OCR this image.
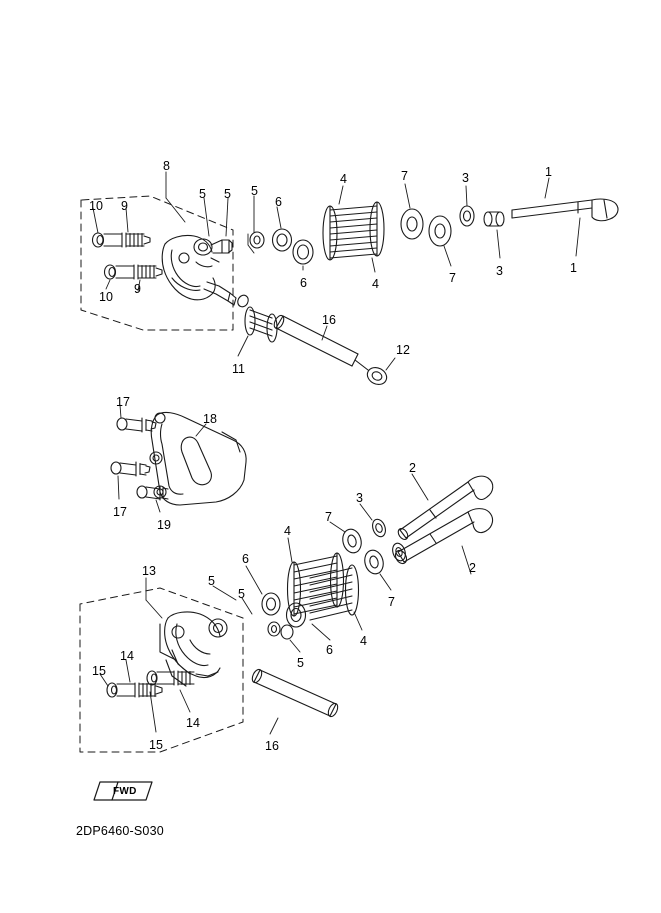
8
5 5 5
6
4	7	3	1
10 9
6	4	7	3	1
10
9
16
12
11
17
18
17
19
2
3
7
4
6
5
5
13	2
7
4
6
5
14
15
14
15	16
FWD
2DP6460-S030
